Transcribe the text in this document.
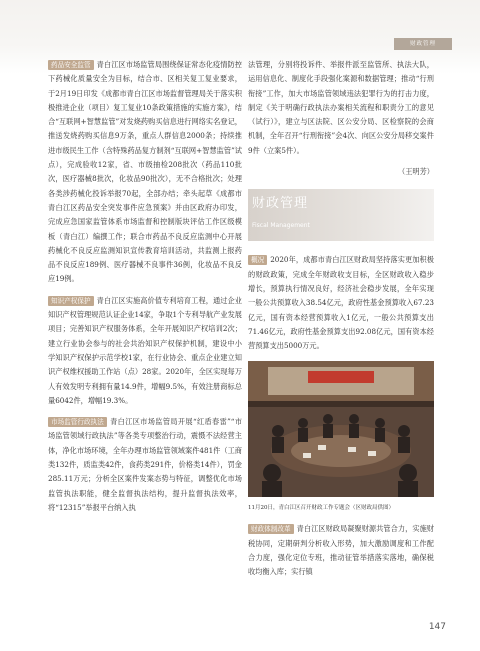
财政管理

药品安全监管 青白江区市场监管局围绕保证常态化疫情防控下药械化质量安全为目标，结合市、区相关复工复业要求，于2月19日印发《成都市青白江区市场监督管理局关于落实积极推进企业（项目）复工复业10条政策措施的实施方案》，结合“互联网+智慧监管”对发烧药购买信息进行网络实名登记，推送发烧药购买信息9万条，重点人群信息2000条；持续推进市级民生工作（含特殊药品复方制剂“互联网+智慧监管”试点），完成验收12家，省、市级抽检208批次（药品110批次，医疗器械8批次，化妆品90批次），无不合格批次；处理各类涉药械化投诉举报70起，全部办结；牵头起草《成都市青白江区药品安全突发事件应急预案》并由区政府办印发，完成应急国家监管体系市场监督和控制版块评估工作区级模板（青白江）编撰工作；联合市药品不良反应监测中心开展药械化不良反应监测知识宣传教育培训活动，共监测上报药品不良反应189例、医疗器械不良事件36例，化妆品不良反应19例。

知识产权保护 青白江区实施高价值专利培育工程，通过企业知识产权管理规范认证企业14家，争取1个专利导航产业发展项目；完善知识产权服务体系，全年开展知识产权培训2次；建立行业协会参与的社会共治知识产权保护机制，建设中小学知识产权保护示范学校1家，在行业协会、重点企业建立知识产权维权援助工作站（点）28家。2020年，全区实现每万人有效发明专利拥有量14.9件，增幅9.5%，有效注册商标总量6042件，增幅19.3%。

市场监管行政执法 青白江区市场监管局开展“红盾春雷”“市场监管领域行政执法”等各类专项整治行动，震慑不法经营主体，净化市场环境，全年办理市场监管领域案件481件（工商类132件，质监类42件，食药类291件，价格类14件），罚金285.11万元；分析全区案件发案态势与特征，调整优化市场监管执法职能，健全监督执法结构，提升监督执法效率，将“12315”举报平台纳入执

法管理，分别将投诉件、举报件派至监管所、执法大队，运用信息化、制度化手段强化案源和数据管理；推动“行刑衔接”工作，加大市场监管领域违法犯罪行为的打击力度，制定《关于明确行政执法办案相关流程和职责分工的意见（试行）》，建立与区法院、区公安分局、区检察院的会商机制，全年召开“行刑衔接”会4次、向区公安分局移交案件9件（立案5件）。

（王明芳）
财政管理
Fiscal Management

概况 2020年，成都市青白江区财政局坚持落实更加积极的财政政策，完成全年财政收支目标，全区财政收入稳步增长，预算执行情况良好，经济社会稳步发展，全年实现一般公共预算收入38.54亿元，政府性基金预算收入67.23亿元，国有资本经营预算收入1亿元，一般公共预算支出71.46亿元，政府性基金预算支出92.08亿元，国有资本经营预算支出5000万元。

11月20日，青白江区召开财政工作专题会（区财政局供图）

财政体制改革 青白江区财政局凝聚财源共管合力，实施财税协同，定期研判分析收入形势，加大激励调度和工作配合力度，强化定位专班，推动征管举措落实落地，确保税收均衡入库；实行镇

147
